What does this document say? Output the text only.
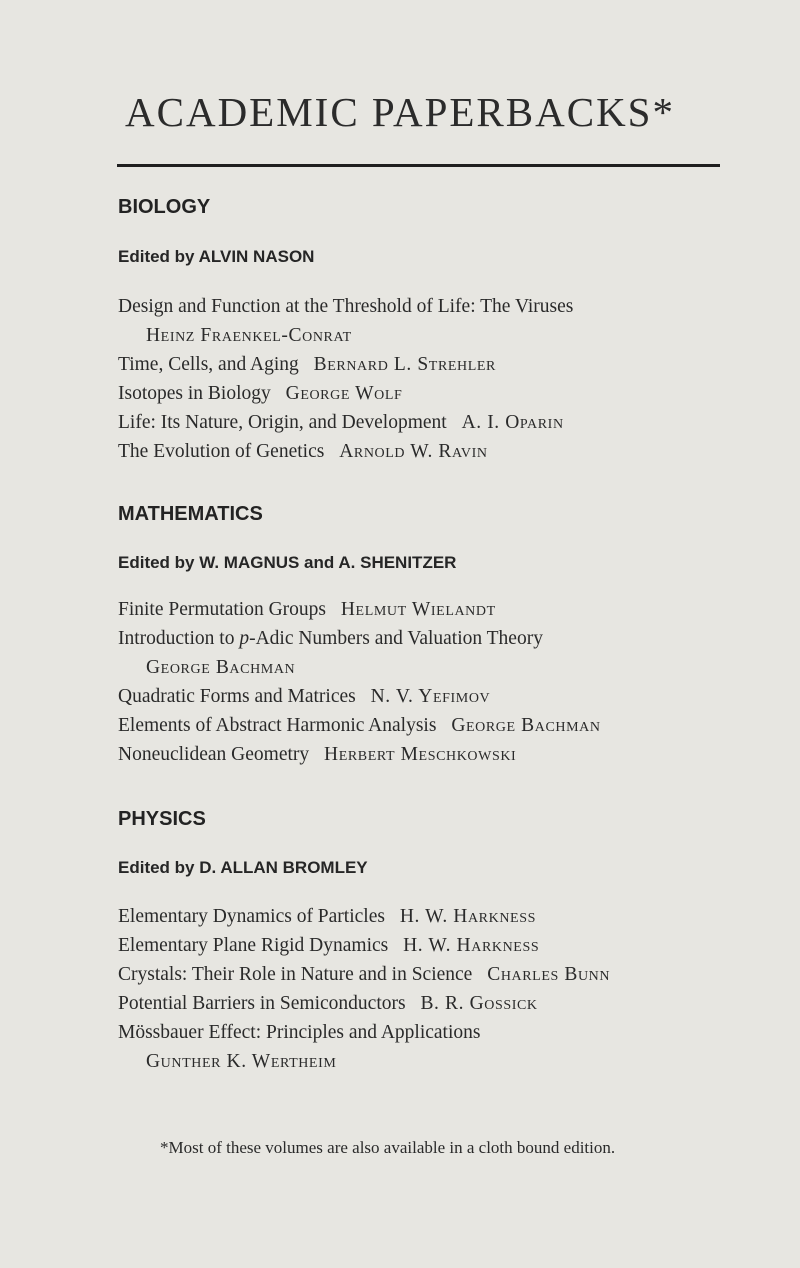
ACADEMIC PAPERBACKS*
BIOLOGY
Edited by ALVIN NASON
Design and Function at the Threshold of Life: The Viruses
Heinz Fraenkel-Conrat
Time, Cells, and Aging Bernard L. Strehler
Isotopes in Biology George Wolf
Life: Its Nature, Origin, and Development A. I. Oparin
The Evolution of Genetics Arnold W. Ravin
MATHEMATICS
Edited by W. MAGNUS and A. SHENITZER
Finite Permutation Groups Helmut Wielandt
Introduction to p-Adic Numbers and Valuation Theory
George Bachman
Quadratic Forms and Matrices N. V. Yefimov
Elements of Abstract Harmonic Analysis George Bachman
Noneuclidean Geometry Herbert Meschkowski
PHYSICS
Edited by D. ALLAN BROMLEY
Elementary Dynamics of Particles H. W. Harkness
Elementary Plane Rigid Dynamics H. W. Harkness
Crystals: Their Role in Nature and in Science Charles Bunn
Potential Barriers in Semiconductors B. R. Gossick
Mössbauer Effect: Principles and Applications
Gunther K. Wertheim
*Most of these volumes are also available in a cloth bound edition.
